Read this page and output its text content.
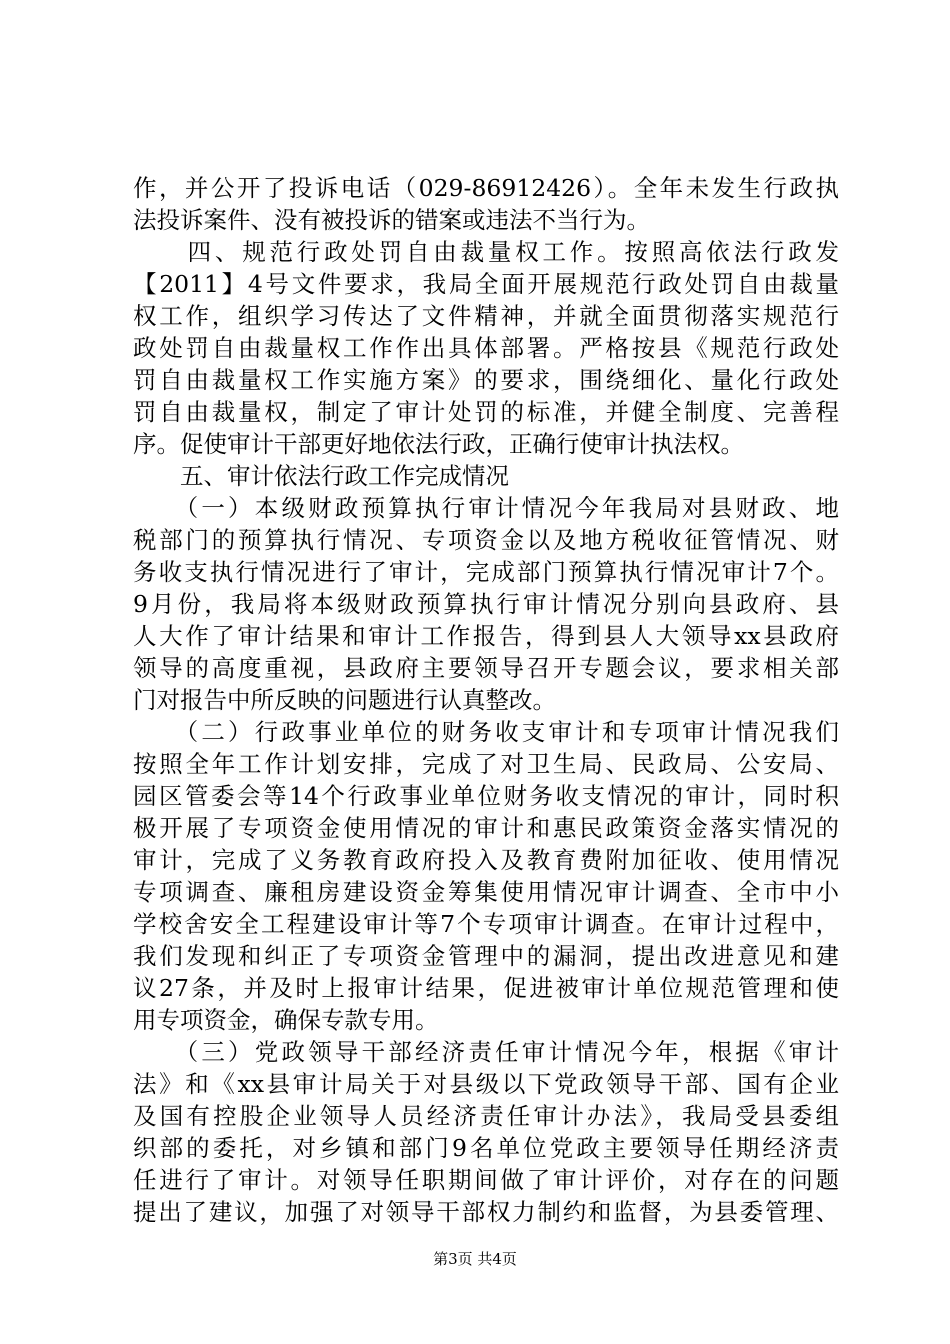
作，并公开了投诉电话（029-86912426）。全年未发生行政执
法投诉案件、没有被投诉的错案或违法不当行为。
　　四、规范行政处罚自由裁量权工作。按照高依法行政发
【2011】4号文件要求，我局全面开展规范行政处罚自由裁量
权工作，组织学习传达了文件精神，并就全面贯彻落实规范行
政处罚自由裁量权工作作出具体部署。严格按县《规范行政处
罚自由裁量权工作实施方案》的要求，围绕细化、量化行政处
罚自由裁量权，制定了审计处罚的标准，并健全制度、完善程
序。促使审计干部更好地依法行政，正确行使审计执法权。
　　五、审计依法行政工作完成情况
　　（一）本级财政预算执行审计情况今年我局对县财政、地
税部门的预算执行情况、专项资金以及地方税收征管情况、财
务收支执行情况进行了审计，完成部门预算执行情况审计7个。
9月份，我局将本级财政预算执行审计情况分别向县政府、县
人大作了审计结果和审计工作报告，得到县人大领导xx县政府
领导的高度重视，县政府主要领导召开专题会议，要求相关部
门对报告中所反映的问题进行认真整改。
　　（二）行政事业单位的财务收支审计和专项审计情况我们
按照全年工作计划安排，完成了对卫生局、民政局、公安局、
园区管委会等14个行政事业单位财务收支情况的审计，同时积
极开展了专项资金使用情况的审计和惠民政策资金落实情况的
审计，完成了义务教育政府投入及教育费附加征收、使用情况
专项调查、廉租房建设资金筹集使用情况审计调查、全市中小
学校舍安全工程建设审计等7个专项审计调查。在审计过程中，
我们发现和纠正了专项资金管理中的漏洞，提出改进意见和建
议27条，并及时上报审计结果，促进被审计单位规范管理和使
用专项资金，确保专款专用。
　　（三）党政领导干部经济责任审计情况今年，根据《审计
法》和《xx县审计局关于对县级以下党政领导干部、国有企业
及国有控股企业领导人员经济责任审计办法》，我局受县委组
织部的委托，对乡镇和部门9名单位党政主要领导任期经济责
任进行了审计。对领导任职期间做了审计评价，对存在的问题
提出了建议，加强了对领导干部权力制约和监督，为县委管理、
第3页 共4页
